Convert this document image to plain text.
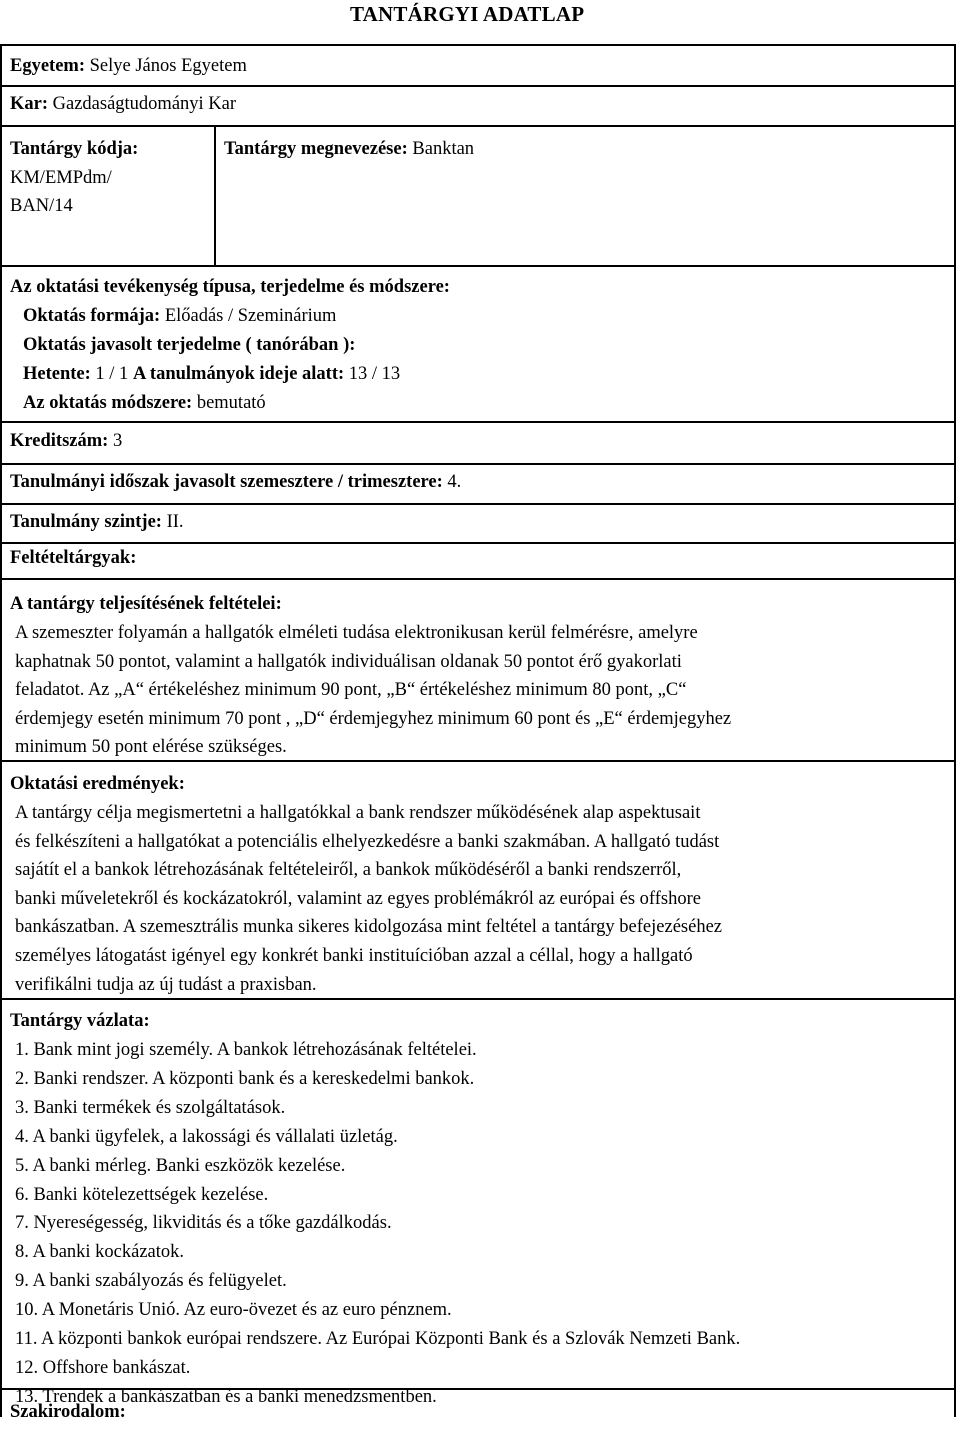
TANTÁRGYI ADATLAP
Egyetem: Selye János Egyetem
Kar: Gazdaságtudományi Kar
Tantárgy kódja:
KM/EMPdm/
BAN/14
Tantárgy megnevezése: Banktan
Az oktatási tevékenység típusa, terjedelme és módszere:
Oktatás formája: Előadás / Szeminárium
Oktatás javasolt terjedelme ( tanórában ):
Hetente: 1 / 1 A tanulmányok ideje alatt: 13 / 13
Az oktatás módszere: bemutató
Kreditszám: 3
Tanulmányi időszak javasolt szemesztere / trimesztere: 4.
Tanulmány szintje: II.
Feltételtárgyak:
A tantárgy teljesítésének feltételei:
A szemeszter folyamán a hallgatók elméleti tudása elektronikusan kerül felmérésre, amelyre
kaphatnak 50 pontot, valamint a hallgatók individuálisan oldanak 50 pontot érő gyakorlati
feladatot. Az „A“ értékeléshez minimum 90 pont, „B“ értékeléshez minimum 80 pont, „C“
érdemjegy esetén minimum 70 pont , „D“ érdemjegyhez minimum 60 pont és „E“ érdemjegyhez
minimum 50 pont elérése szükséges.
Oktatási eredmények:
A tantárgy célja megismertetni a hallgatókkal a bank rendszer működésének alap aspektusait
és felkészíteni a hallgatókat a potenciális elhelyezkedésre a banki szakmában. A hallgató tudást
sajátít el a bankok létrehozásának feltételeiről, a bankok működéséről a banki rendszerről,
banki műveletekről és kockázatokról, valamint az egyes problémákról az európai és offshore
bankászatban. A szemesztrális munka sikeres kidolgozása mint feltétel a tantárgy befejezéséhez
személyes látogatást igényel egy konkrét banki instituícióban azzal a céllal, hogy a hallgató
verifikálni tudja az új tudást a praxisban.
Tantárgy vázlata:
1. Bank mint jogi személy. A bankok létrehozásának feltételei.
2. Banki rendszer. A központi bank és a kereskedelmi bankok.
3. Banki termékek és szolgáltatások.
4. A banki ügyfelek, a lakossági és vállalati üzletág.
5. A banki mérleg. Banki eszközök kezelése.
6. Banki kötelezettségek kezelése.
7. Nyereségesség, likviditás és a tőke gazdálkodás.
8. A banki kockázatok.
9. A banki szabályozás és felügyelet.
10. A Monetáris Unió. Az euro-övezet és az euro pénznem.
11. A központi bankok európai rendszere. Az Európai Központi Bank és a Szlovák Nemzeti Bank.
12. Offshore bankászat.
13. Trendek a bankászatban és a banki menedzsmentben.
Szakirodalom:
